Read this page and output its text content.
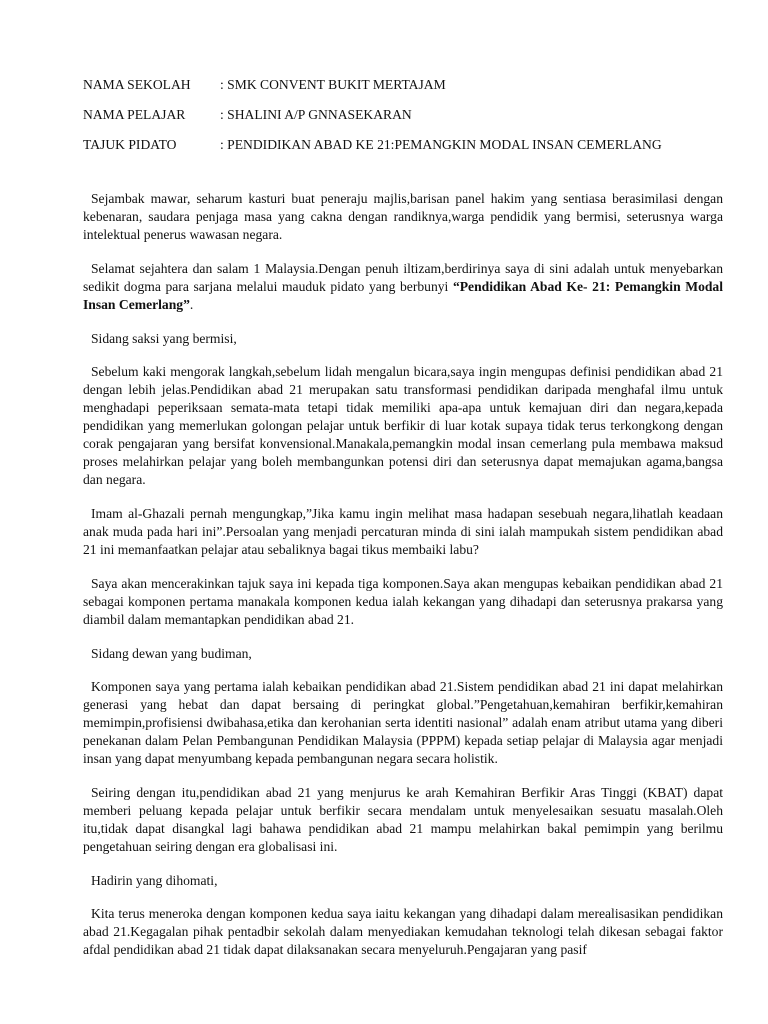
NAMA SEKOLAH : SMK CONVENT BUKIT MERTAJAM
NAMA PELAJAR	: SHALINI A/P GNNASEKARAN
TAJUK PIDATO	: PENDIDIKAN ABAD KE 21:PEMANGKIN MODAL INSAN CEMERLANG

Sejambak mawar, seharum kasturi buat peneraju majlis,barisan panel hakim yang sentiasa berasimilasi dengan kebenaran, saudara penjaga masa yang cakna dengan randiknya,warga pendidik yang bermisi, seterusnya warga intelektual penerus wawasan negara.

Selamat sejahtera dan salam 1 Malaysia.Dengan penuh iltizam,berdirinya saya di sini adalah untuk menyebarkan sedikit dogma para sarjana melalui mauduk pidato yang berbunyi “Pendidikan Abad Ke- 21: Pemangkin Modal Insan Cemerlang”.

Sidang saksi yang bermisi,

Sebelum kaki mengorak langkah,sebelum lidah mengalun bicara,saya ingin mengupas definisi pendidikan abad 21 dengan lebih jelas.Pendidikan abad 21 merupakan satu transformasi pendidikan daripada menghafal ilmu untuk menghadapi peperiksaan semata-mata tetapi tidak memiliki apa-apa untuk kemajuan diri dan negara,kepada pendidikan yang memerlukan golongan pelajar untuk berfikir di luar kotak supaya tidak terus terkongkong dengan corak pengajaran yang bersifat konvensional.Manakala,pemangkin modal insan cemerlang pula membawa maksud proses melahirkan pelajar yang boleh membangunkan potensi diri dan seterusnya dapat memajukan agama,bangsa dan negara.

Imam al-Ghazali pernah mengungkap,”Jika kamu ingin melihat masa hadapan sesebuah negara,lihatlah keadaan anak muda pada hari ini”.Persoalan yang menjadi percaturan minda di sini ialah mampukah sistem pendidikan abad 21 ini memanfaatkan pelajar atau sebaliknya bagai tikus membaiki labu?

Saya akan mencerakinkan tajuk saya ini kepada tiga komponen.Saya akan mengupas kebaikan pendidikan abad 21 sebagai komponen pertama manakala komponen kedua ialah kekangan yang dihadapi dan seterusnya prakarsa yang diambil dalam memantapkan pendidikan abad 21.

Sidang dewan yang budiman,

Komponen saya yang pertama ialah kebaikan pendidikan abad 21.Sistem pendidikan abad 21 ini dapat melahirkan generasi yang hebat dan dapat bersaing di peringkat global.”Pengetahuan,kemahiran berfikir,kemahiran memimpin,profisiensi dwibahasa,etika dan kerohanian serta identiti nasional” adalah enam atribut utama yang diberi penekanan dalam Pelan Pembangunan Pendidikan Malaysia (PPPM) kepada setiap pelajar di Malaysia agar menjadi insan yang dapat menyumbang kepada pembangunan negara secara holistik.

Seiring dengan itu,pendidikan abad 21 yang menjurus ke arah Kemahiran Berfikir Aras Tinggi (KBAT) dapat memberi peluang kepada pelajar untuk berfikir secara mendalam untuk menyelesaikan sesuatu masalah.Oleh itu,tidak dapat disangkal lagi bahawa pendidikan abad 21 mampu melahirkan bakal pemimpin yang berilmu pengetahuan seiring dengan era globalisasi ini.

Hadirin yang dihomati,

Kita terus meneroka dengan komponen kedua saya iaitu kekangan yang dihadapi dalam merealisasikan pendidikan abad 21.Kegagalan pihak pentadbir sekolah dalam menyediakan kemudahan teknologi telah dikesan sebagai faktor afdal pendidikan abad 21 tidak dapat dilaksanakan secara menyeluruh.Pengajaran yang pasif
